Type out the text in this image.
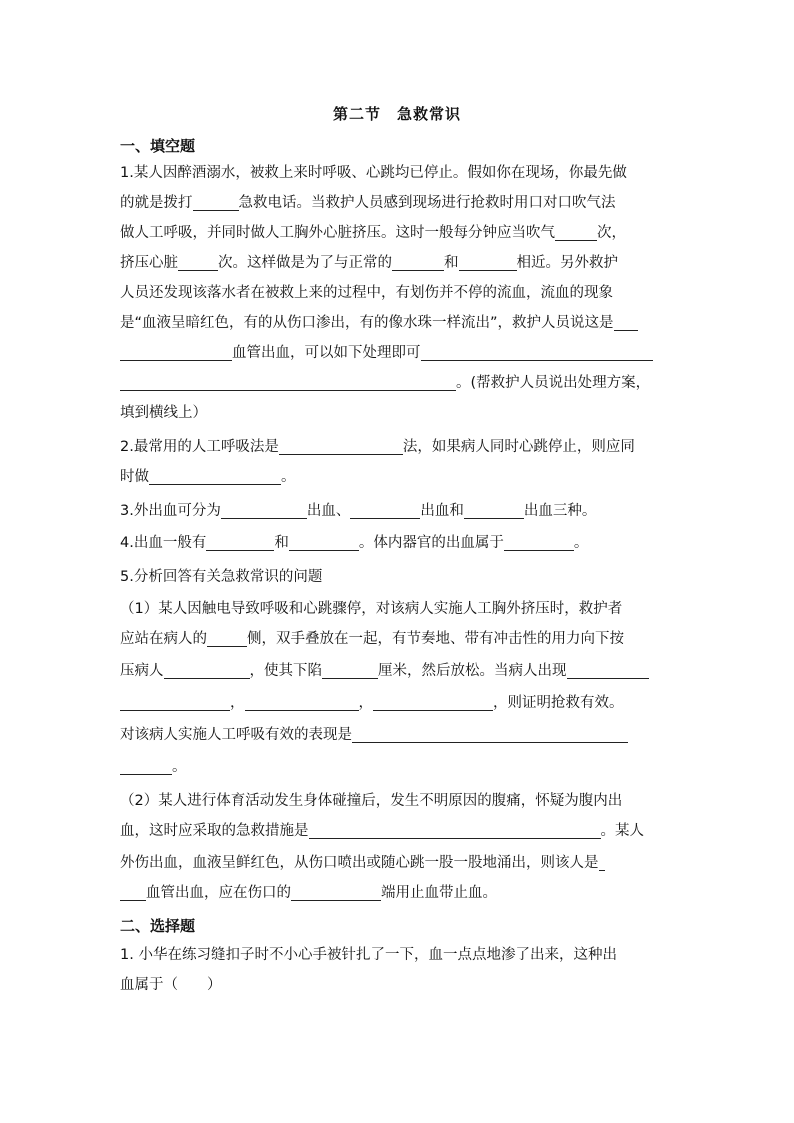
第二节　急救常识
一、填空题
1.某人因醉酒溺水，被救上来时呼吸、心跳均已停止。假如你在现场，你最先做
的就是拨打	急救电话。当救护人员感到现场进行抢救时用口对口吹气法
做人工呼吸，并同时做人工胸外心脏挤压。这时一般每分钟应当吹气	次，
挤压心脏	次。这样做是为了与正常的	和	相近。另外救护
人员还发现该落水者在被救上来的过程中，有划伤并不停的流血，流血的现象
是“血液呈暗红色，有的从伤口渗出，有的像水珠一样流出”，救护人员说这是
血管出血，可以如下处理即可
。(帮救护人员说出处理方案，
填到横线上）
2.最常用的人工呼吸法是	法，如果病人同时心跳停止，则应同
时做	。
3.外出血可分为	出血、	出血和	出血三种。
4.出血一般有	和	。体内器官的出血属于	。
5.分析回答有关急救常识的问题
（1）某人因触电导致呼吸和心跳骤停，对该病人实施人工胸外挤压时，救护者
应站在病人的	侧，双手叠放在一起，有节奏地、带有冲击性的用力向下按
压病人	，使其下陷	厘米，然后放松。当病人出现
，	，	，则证明抢救有效。
对该病人实施人工呼吸有效的表现是
。
（2）某人进行体育活动发生身体碰撞后，发生不明原因的腹痛，怀疑为腹内出
血，这时应采取的急救措施是	。某人
外伤出血，血液呈鲜红色，从伤口喷出或随心跳一股一股地涌出，则该人是
血管出血，应在伤口的	端用止血带止血。
二、选择题
1. 小华在练习缝扣子时不小心手被针扎了一下，血一点点地渗了出来，这种出
血属于（　　）
